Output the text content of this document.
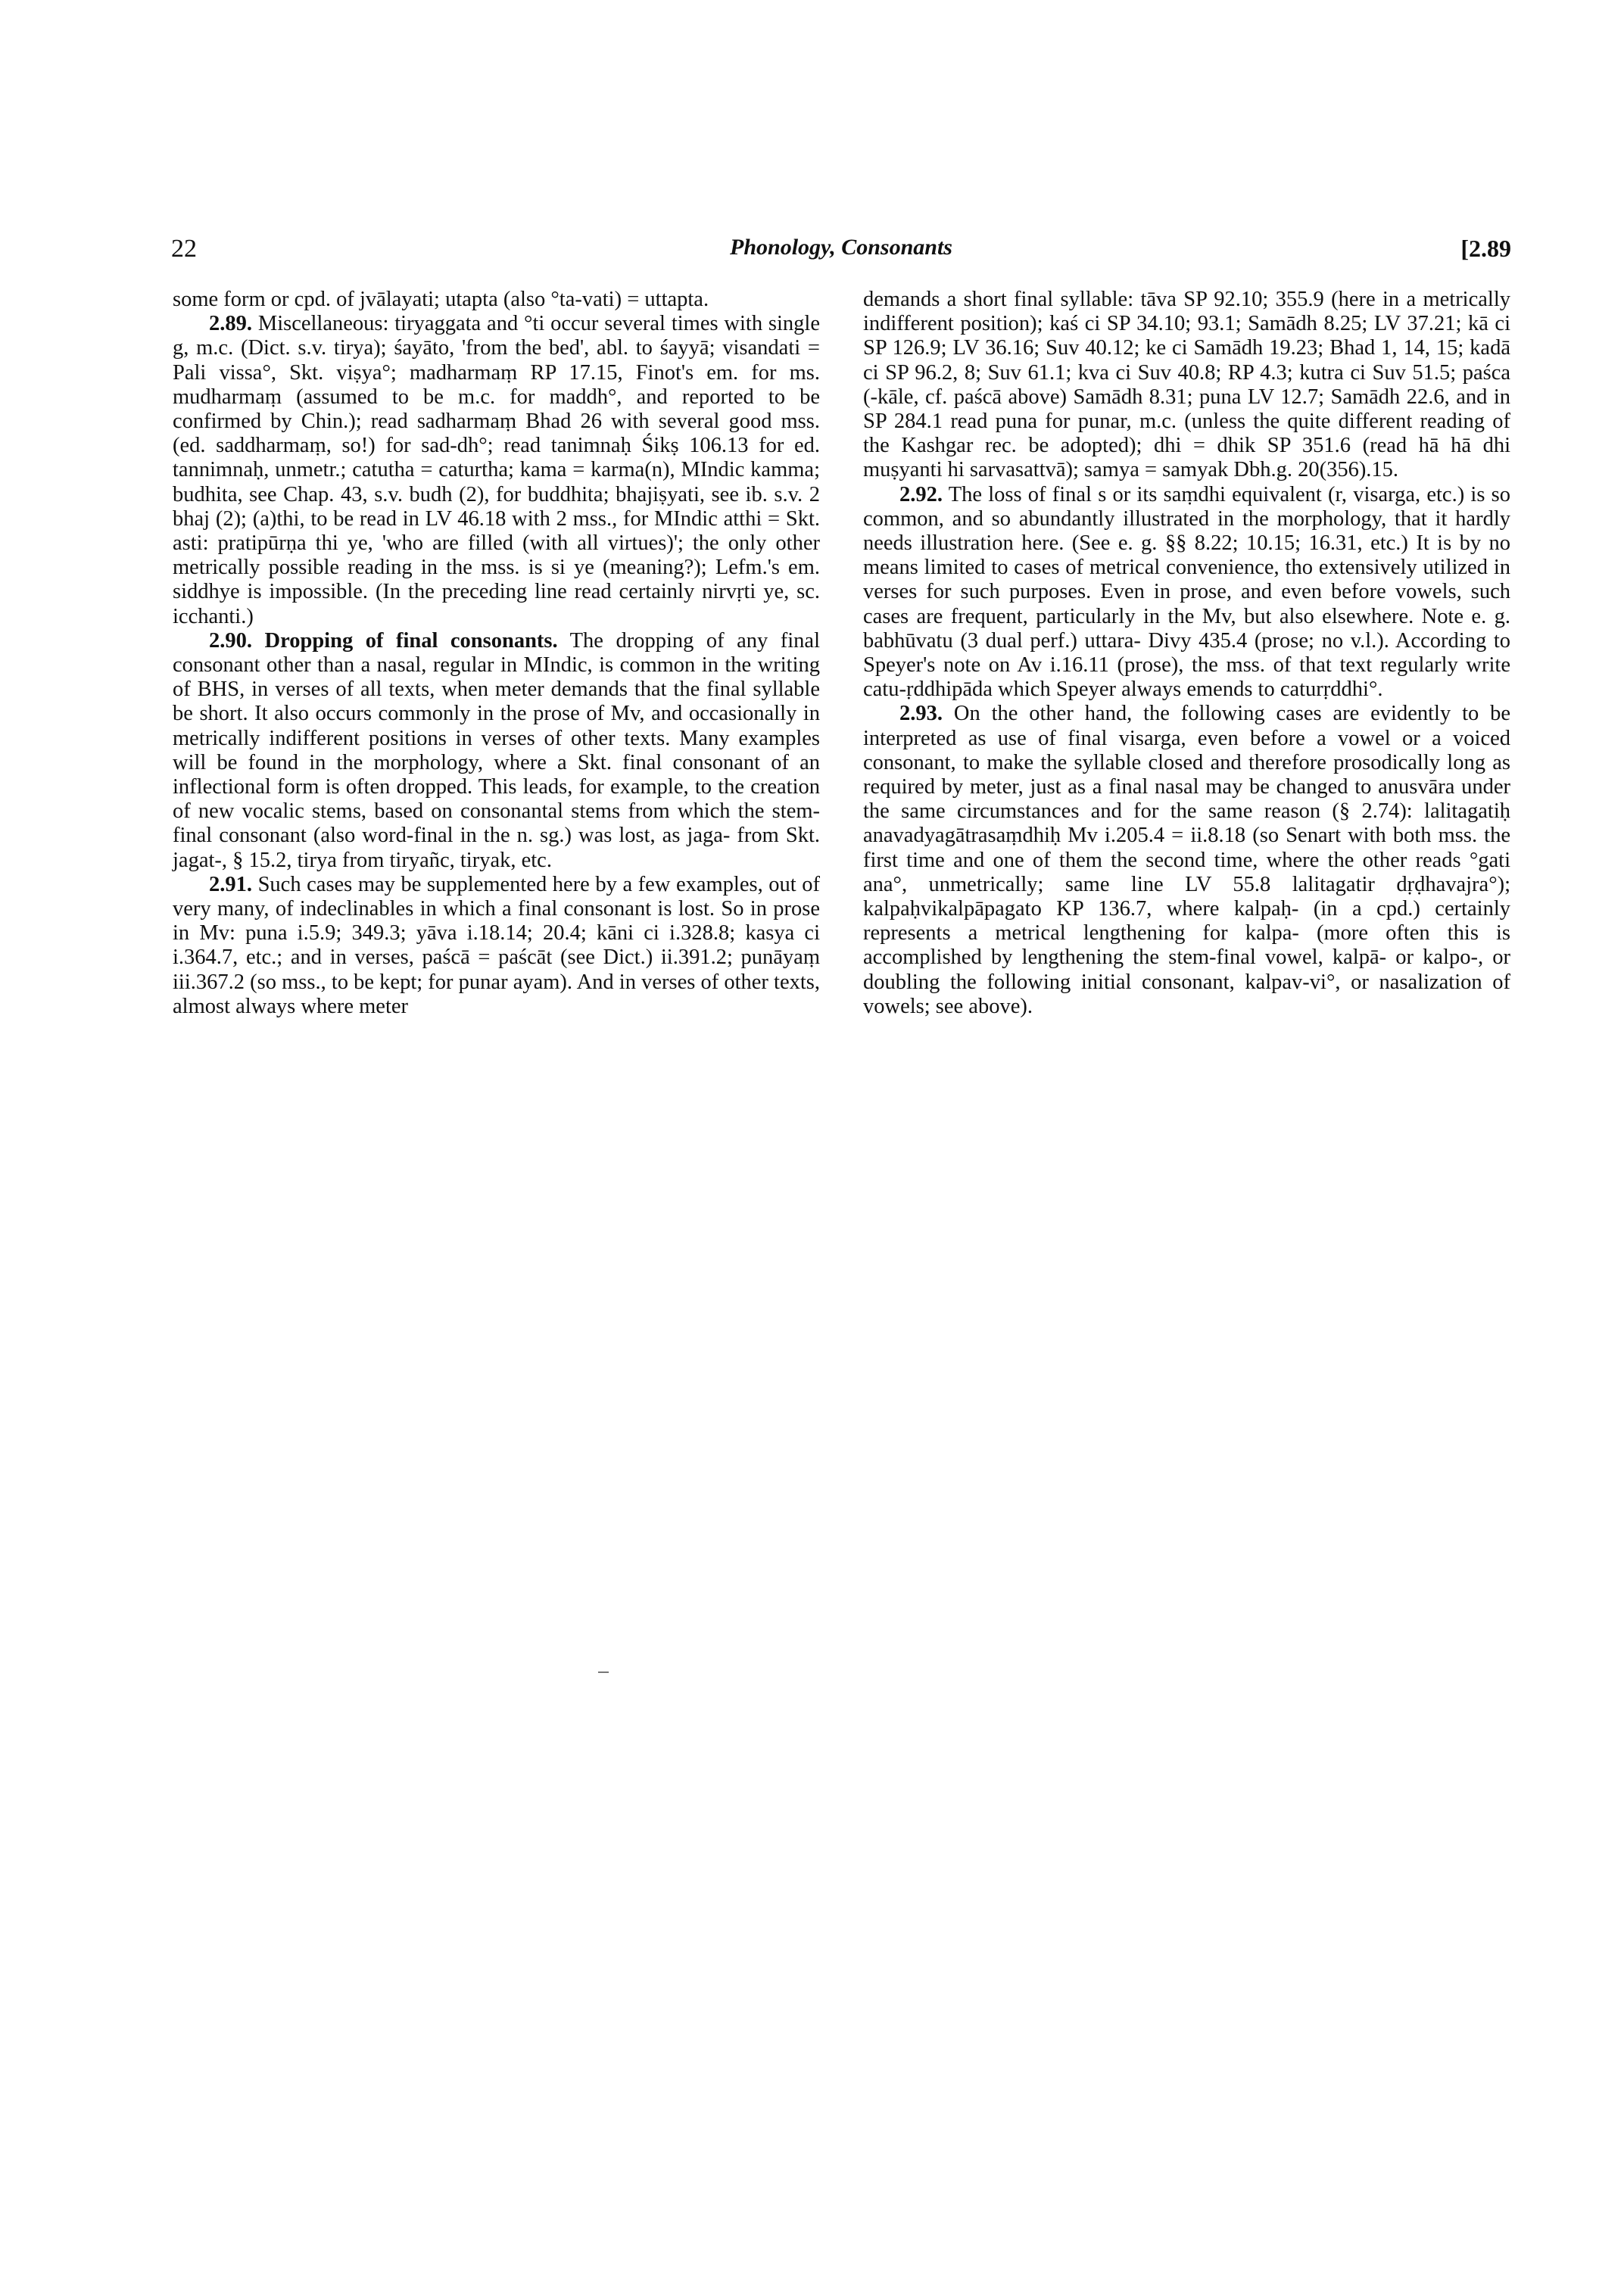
22	Phonology, Consonants	[2.89

some form or cpd. of jvālayati; utapta (also °ta-vati) = uttapta.

2.89. Miscellaneous: tiryaggata and °ti occur several times with single g, m.c. (Dict. s.v. tirya); śayāto, 'from the bed', abl. to śayyā; visandati = Pali vissa°, Skt. viṣya°; madharmaṃ RP 17.15, Finot's em. for ms. mudharmaṃ (assumed to be m.c. for maddh°, and reported to be confirmed by Chin.); read sadharmaṃ Bhad 26 with several good mss. (ed. saddharmaṃ, so!) for sad-dh°; read tanimnaḥ Śikṣ 106.13 for ed. tannimnaḥ, unmetr.; catutha = caturtha; kama = karma(n), MIndic kamma; budhita, see Chap. 43, s.v. budh (2), for buddhita; bhajiṣyati, see ib. s.v. 2 bhaj (2); (a)thi, to be read in LV 46.18 with 2 mss., for MIndic atthi = Skt. asti: pratipūrṇa thi ye, 'who are filled (with all virtues)'; the only other metrically possible reading in the mss. is si ye (meaning?); Lefm.'s em. siddhye is impossible. (In the preceding line read certainly nirvṛti ye, sc. icchanti.)

2.90. Dropping of final consonants. The dropping of any final consonant other than a nasal, regular in MIndic, is common in the writing of BHS, in verses of all texts, when meter demands that the final syllable be short. It also occurs commonly in the prose of Mv, and occasionally in metrically indifferent positions in verses of other texts. Many examples will be found in the morphology, where a Skt. final consonant of an inflectional form is often dropped. This leads, for example, to the creation of new vocalic stems, based on consonantal stems from which the stem-final consonant (also word-final in the n. sg.) was lost, as jaga- from Skt. jagat-, § 15.2, tirya from tiryañc, tiryak, etc.

2.91. Such cases may be supplemented here by a few examples, out of very many, of indeclinables in which a final consonant is lost. So in prose in Mv: puna i.5.9; 349.3; yāva i.18.14; 20.4; kāni ci i.328.8; kasya ci i.364.7, etc.; and in verses, paścā = paścāt (see Dict.) ii.391.2; punāyaṃ iii.367.2 (so mss., to be kept; for punar ayam). And in verses of other texts, almost always where meter

demands a short final syllable: tāva SP 92.10; 355.9 (here in a metrically indifferent position); kaś ci SP 34.10; 93.1; Samādh 8.25; LV 37.21; kā ci SP 126.9; LV 36.16; Suv 40.12; ke ci Samādh 19.23; Bhad 1, 14, 15; kadā ci SP 96.2, 8; Suv 61.1; kva ci Suv 40.8; RP 4.3; kutra ci Suv 51.5; paśca (-kāle, cf. paścā above) Samādh 8.31; puna LV 12.7; Samādh 22.6, and in SP 284.1 read puna for punar, m.c. (unless the quite different reading of the Kashgar rec. be adopted); dhi = dhik SP 351.6 (read hā hā dhi muṣyanti hi sarvasattvā); samya = samyak Dbh.g. 20(356).15.

2.92. The loss of final s or its saṃdhi equivalent (r, visarga, etc.) is so common, and so abundantly illustrated in the morphology, that it hardly needs illustration here. (See e. g. §§ 8.22; 10.15; 16.31, etc.) It is by no means limited to cases of metrical convenience, tho extensively utilized in verses for such purposes. Even in prose, and even before vowels, such cases are frequent, particularly in the Mv, but also elsewhere. Note e. g. babhūvatu (3 dual perf.) uttara- Divy 435.4 (prose; no v.l.). According to Speyer's note on Av i.16.11 (prose), the mss. of that text regularly write catu-ṛddhipāda which Speyer always emends to caturṛddhi°.

2.93. On the other hand, the following cases are evidently to be interpreted as use of final visarga, even before a vowel or a voiced consonant, to make the syllable closed and therefore prosodically long as required by meter, just as a final nasal may be changed to anusvāra under the same circumstances and for the same reason (§ 2.74): lalitagatiḥ anavadyagātrasaṃdhiḥ Mv i.205.4 = ii.8.18 (so Senart with both mss. the first time and one of them the second time, where the other reads °gati ana°, unmetrically; same line LV 55.8 lalitagatir dṛḍhavajra°); kalpaḥvikalpāpagato KP 136.7, where kalpaḥ- (in a cpd.) certainly represents a metrical lengthening for kalpa- (more often this is accomplished by lengthening the stem-final vowel, kalpā- or kalpo-, or doubling the following initial consonant, kalpav-vi°, or nasalization of vowels; see above).
